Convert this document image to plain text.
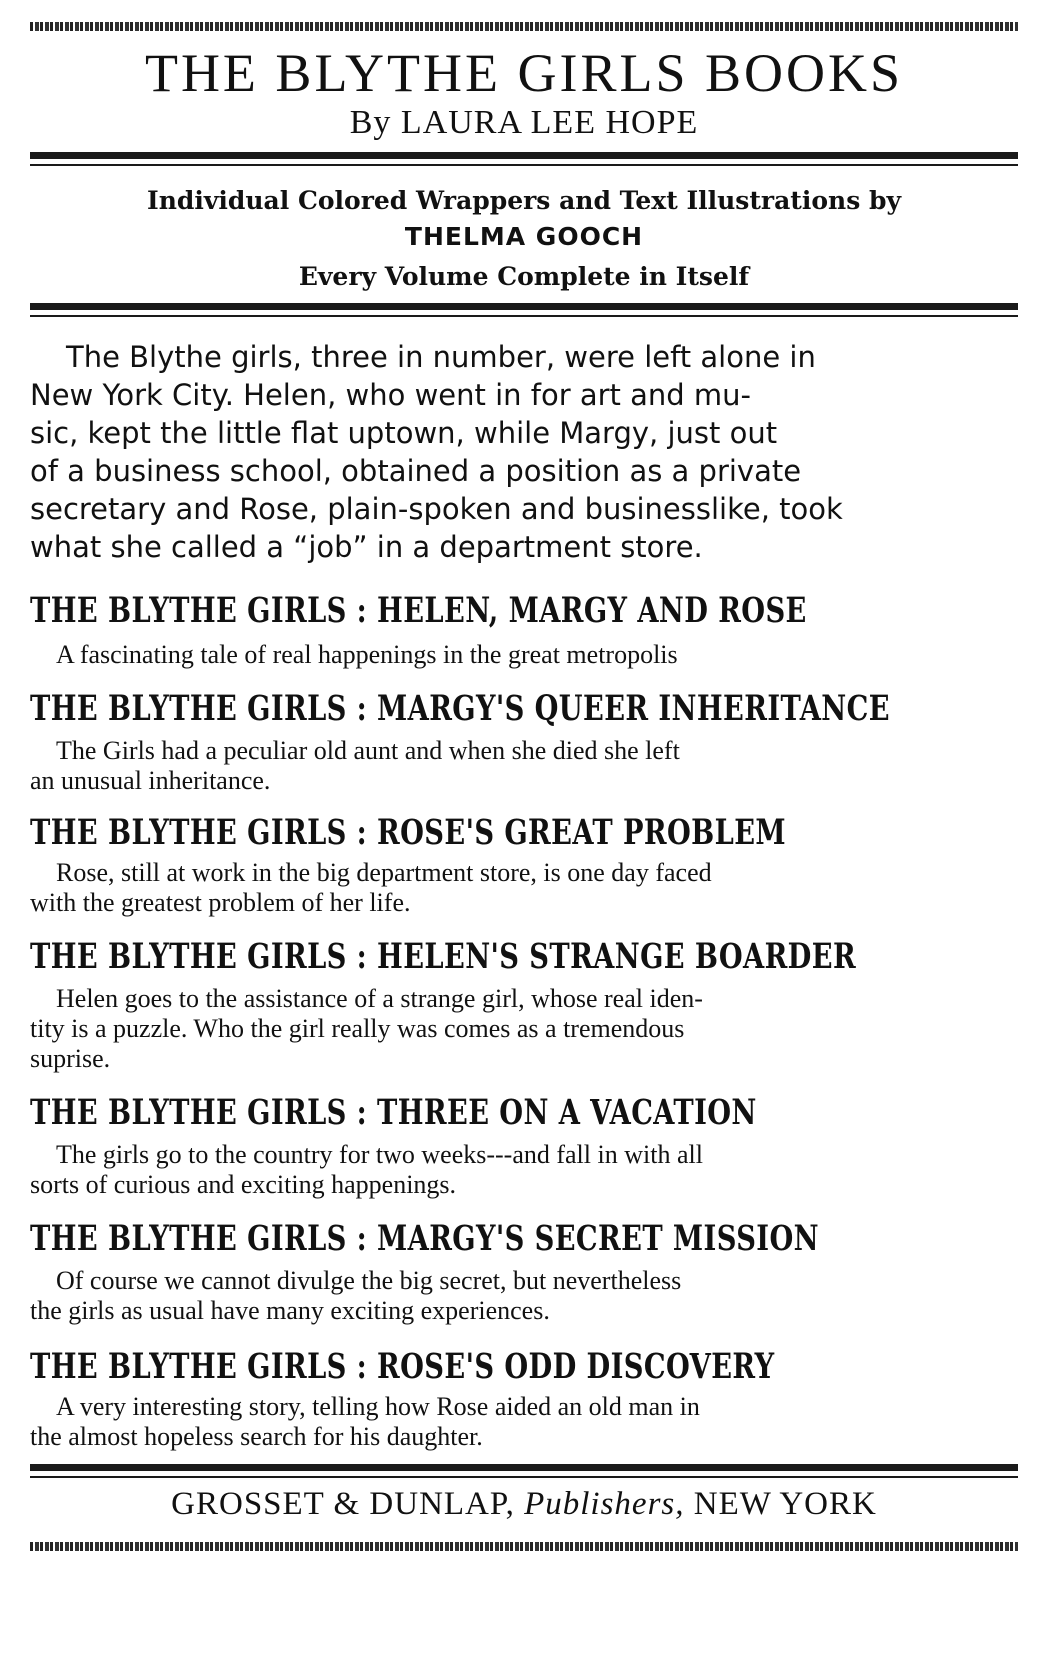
THE BLYTHE GIRLS BOOKS
By LAURA LEE HOPE
Individual Colored Wrappers and Text Illustrations by
THELMA GOOCH
Every Volume Complete in Itself
The Blythe girls, three in number, were left alone in
New York City. Helen, who went in for art and mu-
sic, kept the little flat uptown, while Margy, just out
of a business school, obtained a position as a private
secretary and Rose, plain-spoken and businesslike, took
what she called a “job” in a department store.
THE BLYTHE GIRLS : HELEN, MARGY AND ROSE
A fascinating tale of real happenings in the great metropolis
THE BLYTHE GIRLS : MARGY'S QUEER INHERITANCE
The Girls had a peculiar old aunt and when she died she left
an unusual inheritance.
THE BLYTHE GIRLS : ROSE'S GREAT PROBLEM
Rose, still at work in the big department store, is one day faced
with the greatest problem of her life.
THE BLYTHE GIRLS : HELEN'S STRANGE BOARDER
Helen goes to the assistance of a strange girl, whose real iden-
tity is a puzzle. Who the girl really was comes as a tremendous
suprise.
THE BLYTHE GIRLS : THREE ON A VACATION
The girls go to the country for two weeks---and fall in with all
sorts of curious and exciting happenings.
THE BLYTHE GIRLS : MARGY'S SECRET MISSION
Of course we cannot divulge the big secret, but nevertheless
the girls as usual have many exciting experiences.
THE BLYTHE GIRLS : ROSE'S ODD DISCOVERY
A very interesting story, telling how Rose aided an old man in
the almost hopeless search for his daughter.
GROSSET & DUNLAP, Publishers, NEW YORK
